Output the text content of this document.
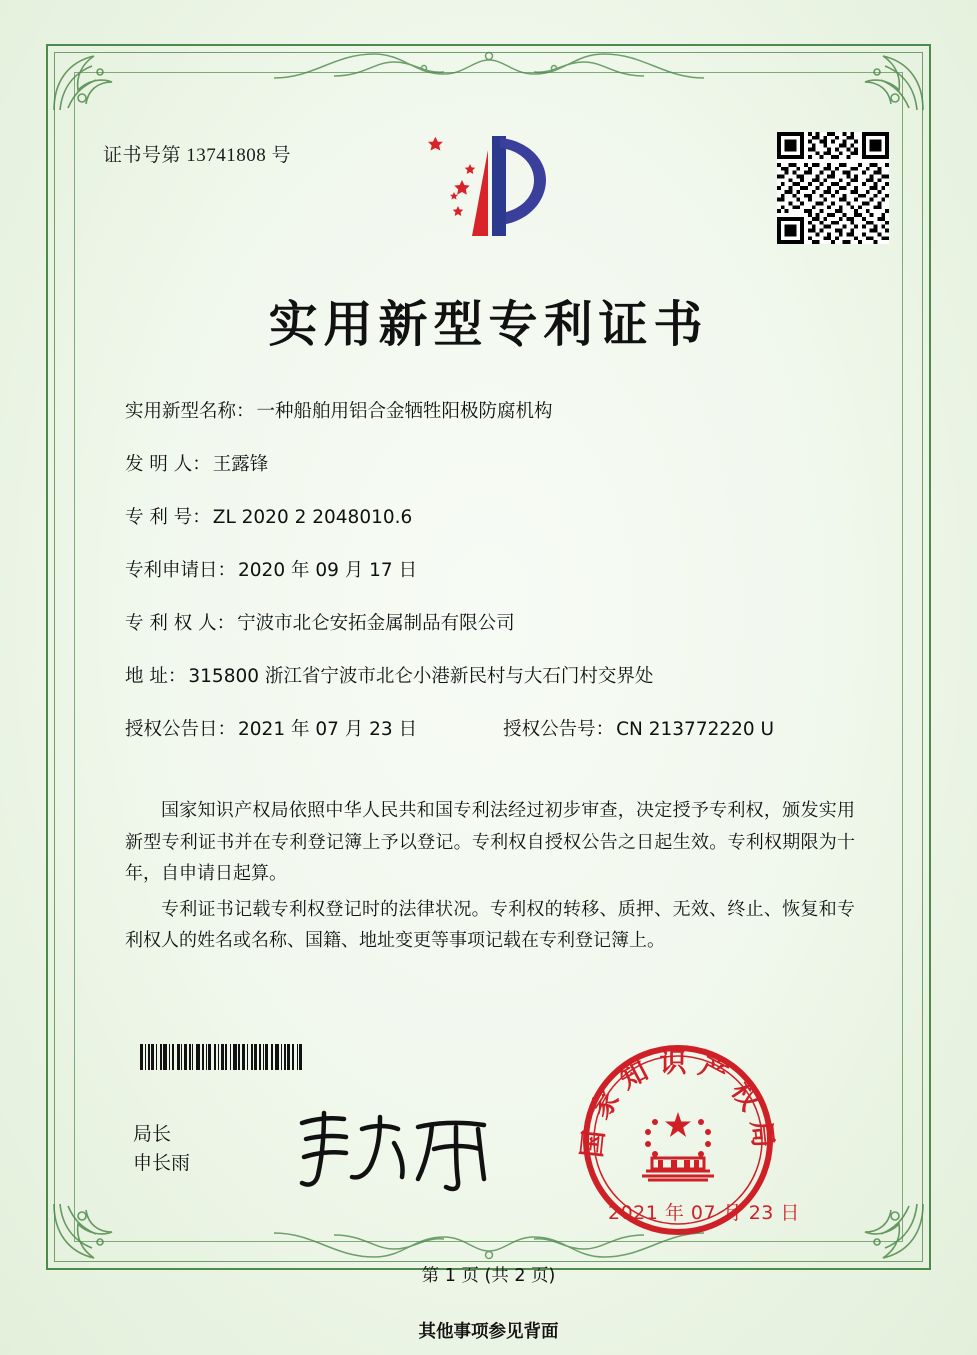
证书号第 13741808 号
实用新型专利证书
实用新型名称： 一种船舶用铝合金牺牲阳极防腐机构
发 明 人： 王露锋
专 利 号： ZL 2020 2 2048010.6
专利申请日： 2020 年 09 月 17 日
专 利 权 人： 宁波市北仑安拓金属制品有限公司
地 址： 315800 浙江省宁波市北仑小港新民村与大石门村交界处
授权公告日： 2021 年 07 月 23 日	授权公告号： CN 213772220 U

国家知识产权局依照中华人民共和国专利法经过初步审查，决定授予专利权，颁发实用新型专利证书并在专利登记簿上予以登记。专利权自授权公告之日起生效。专利权期限为十年，自申请日起算。

专利证书记载专利权登记时的法律状况。专利权的转移、质押、无效、终止、恢复和专利权人的姓名或名称、国籍、地址变更等事项记载在专利登记簿上。

局长
申长雨
国家知识产权局
2021 年 07 月 23 日
第 1 页 (共 2 页)
其他事项参见背面
